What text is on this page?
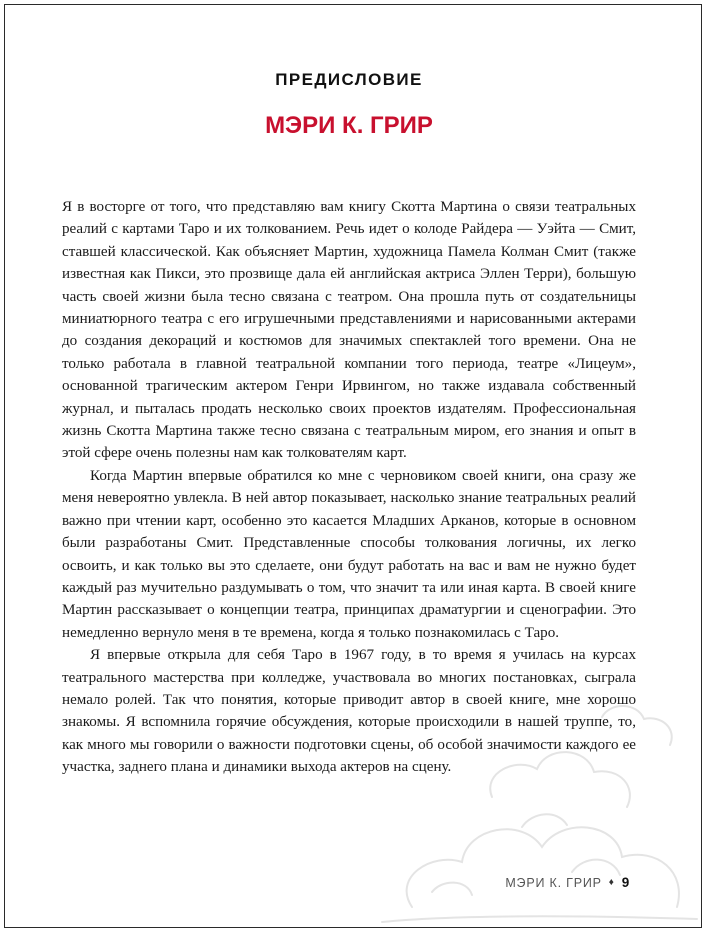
ПРЕДИСЛОВИЕ
МЭРИ К. ГРИР

Я в восторге от того, что представляю вам книгу Скотта Мартина о связи театральных реалий с картами Таро и их толкованием. Речь идет о колоде Райдера — Уэйта — Смит, ставшей классической. Как объясняет Мартин, художница Памела Колман Смит (также известная как Пикси, это прозвище дала ей английская актриса Эллен Терри), большую часть своей жизни была тесно связана с театром. Она прошла путь от создательницы миниатюрного театра с его игрушечными представлениями и нарисованными актерами до создания декораций и костюмов для значимых спектаклей того времени. Она не только работала в главной театральной компании того периода, театре «Лицеум», основанной трагическим актером Генри Ирвингом, но также издавала собственный журнал, и пыталась продать несколько своих проектов издателям. Профессиональная жизнь Скотта Мартина также тесно связана с театральным миром, его знания и опыт в этой сфере очень полезны нам как толкователям карт.

Когда Мартин впервые обратился ко мне с черновиком своей книги, она сразу же меня невероятно увлекла. В ней автор показывает, насколько знание театральных реалий важно при чтении карт, особенно это касается Младших Арканов, которые в основном были разработаны Смит. Представленные способы толкования логичны, их легко освоить, и как только вы это сделаете, они будут работать на вас и вам не нужно будет каждый раз мучительно раздумывать о том, что значит та или иная карта. В своей книге Мартин рассказывает о концепции театра, принципах драматургии и сценографии. Это немедленно вернуло меня в те времена, когда я только познакомилась с Таро.

Я впервые открыла для себя Таро в 1967 году, в то время я училась на курсах театрального мастерства при колледже, участвовала во многих постановках, сыграла немало ролей. Так что понятия, которые приводит автор в своей книге, мне хорошо знакомы. Я вспомнила горячие обсуждения, которые происходили в нашей труппе, то, как много мы говорили о важности подготовки сцены, об особой значимости каждого ее участка, заднего плана и динамики выхода актеров на сцену.

МЭРИ К. ГРИР ♦ 9
